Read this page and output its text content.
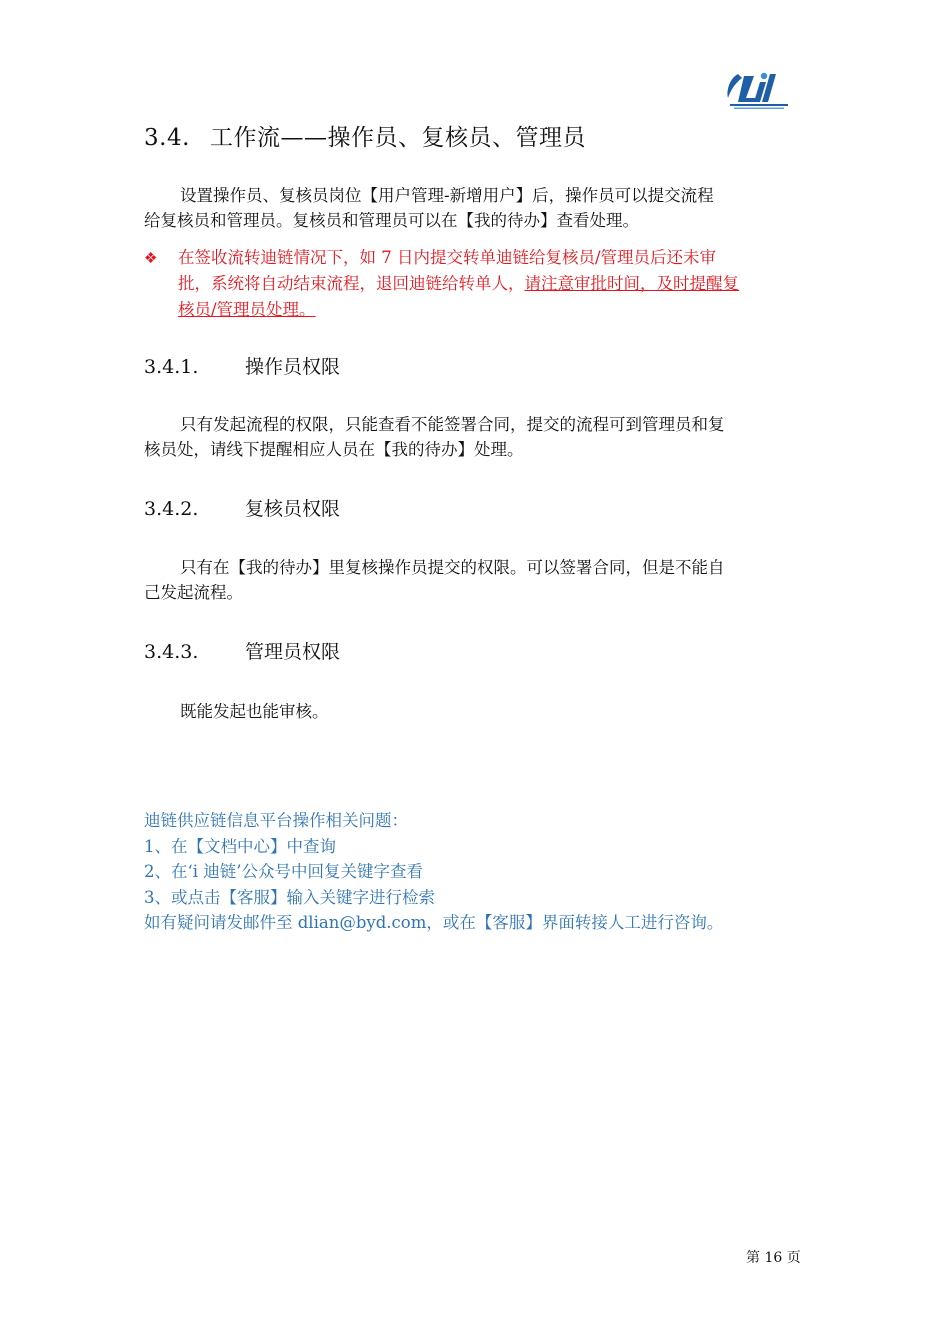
3.4. 工作流——操作员、复核员、管理员

设置操作员、复核员岗位【用户管理-新增用户】后，操作员可以提交流程
给复核员和管理员。复核员和管理员可以在【我的待办】查看处理。

❖	在签收流转迪链情况下，如 7 日内提交转单迪链给复核员/管理员后还未审
批，系统将自动结束流程，退回迪链给转单人，请注意审批时间，及时提醒复
核员/管理员处理。
3.4.1. 操作员权限

只有发起流程的权限，只能查看不能签署合同，提交的流程可到管理员和复
核员处，请线下提醒相应人员在【我的待办】处理。

3.4.2. 复核员权限

只有在【我的待办】里复核操作员提交的权限。可以签署合同，但是不能自
己发起流程。

3.4.3. 管理员权限

既能发起也能审核。

迪链供应链信息平台操作相关问题：
1、在【文档中心】中查询
2、在‘i 迪链’公众号中回复关键字查看
3、或点击【客服】输入关键字进行检索
如有疑问请发邮件至 dlian@byd.com，或在【客服】界面转接人工进行咨询。
第 16 页
